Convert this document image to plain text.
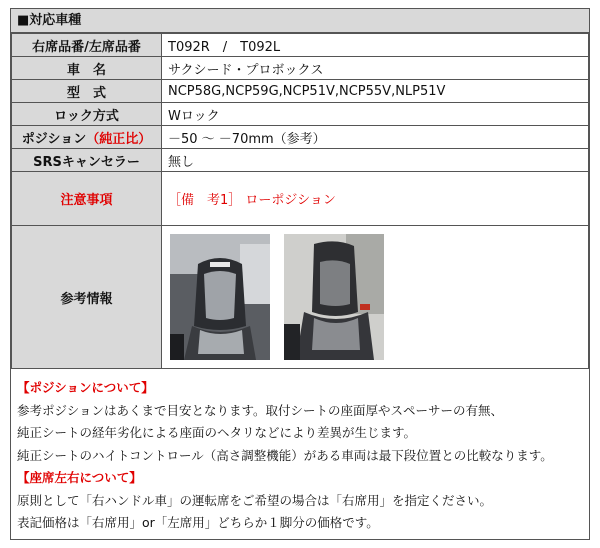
■対応車種
右席品番/左席品番	T092R　/　T092L
車　名	サクシード・プロボックス
型　式	NCP58G,NCP59G,NCP51V,NCP55V,NLP51V
ロック方式	Wロック
ポジション（純正比）	－50 ～ －70mm（参考）
SRSキャンセラー	無し
注意事項	［備　考1］ ローポジション
参考情報	
【ポジションについて】
参考ポジションはあくまで目安となります。取付シートの座面厚やスペーサーの有無、
純正シートの経年劣化による座面のヘタリなどにより差異が生じます。
純正シートのハイトコントロール（高さ調整機能）がある車両は最下段位置との比較なります。
【座席左右について】
原則として「右ハンドル車」の運転席をご希望の場合は「右席用」を指定ください。
表記価格は「右席用」or「左席用」どちらか１脚分の価格です。
